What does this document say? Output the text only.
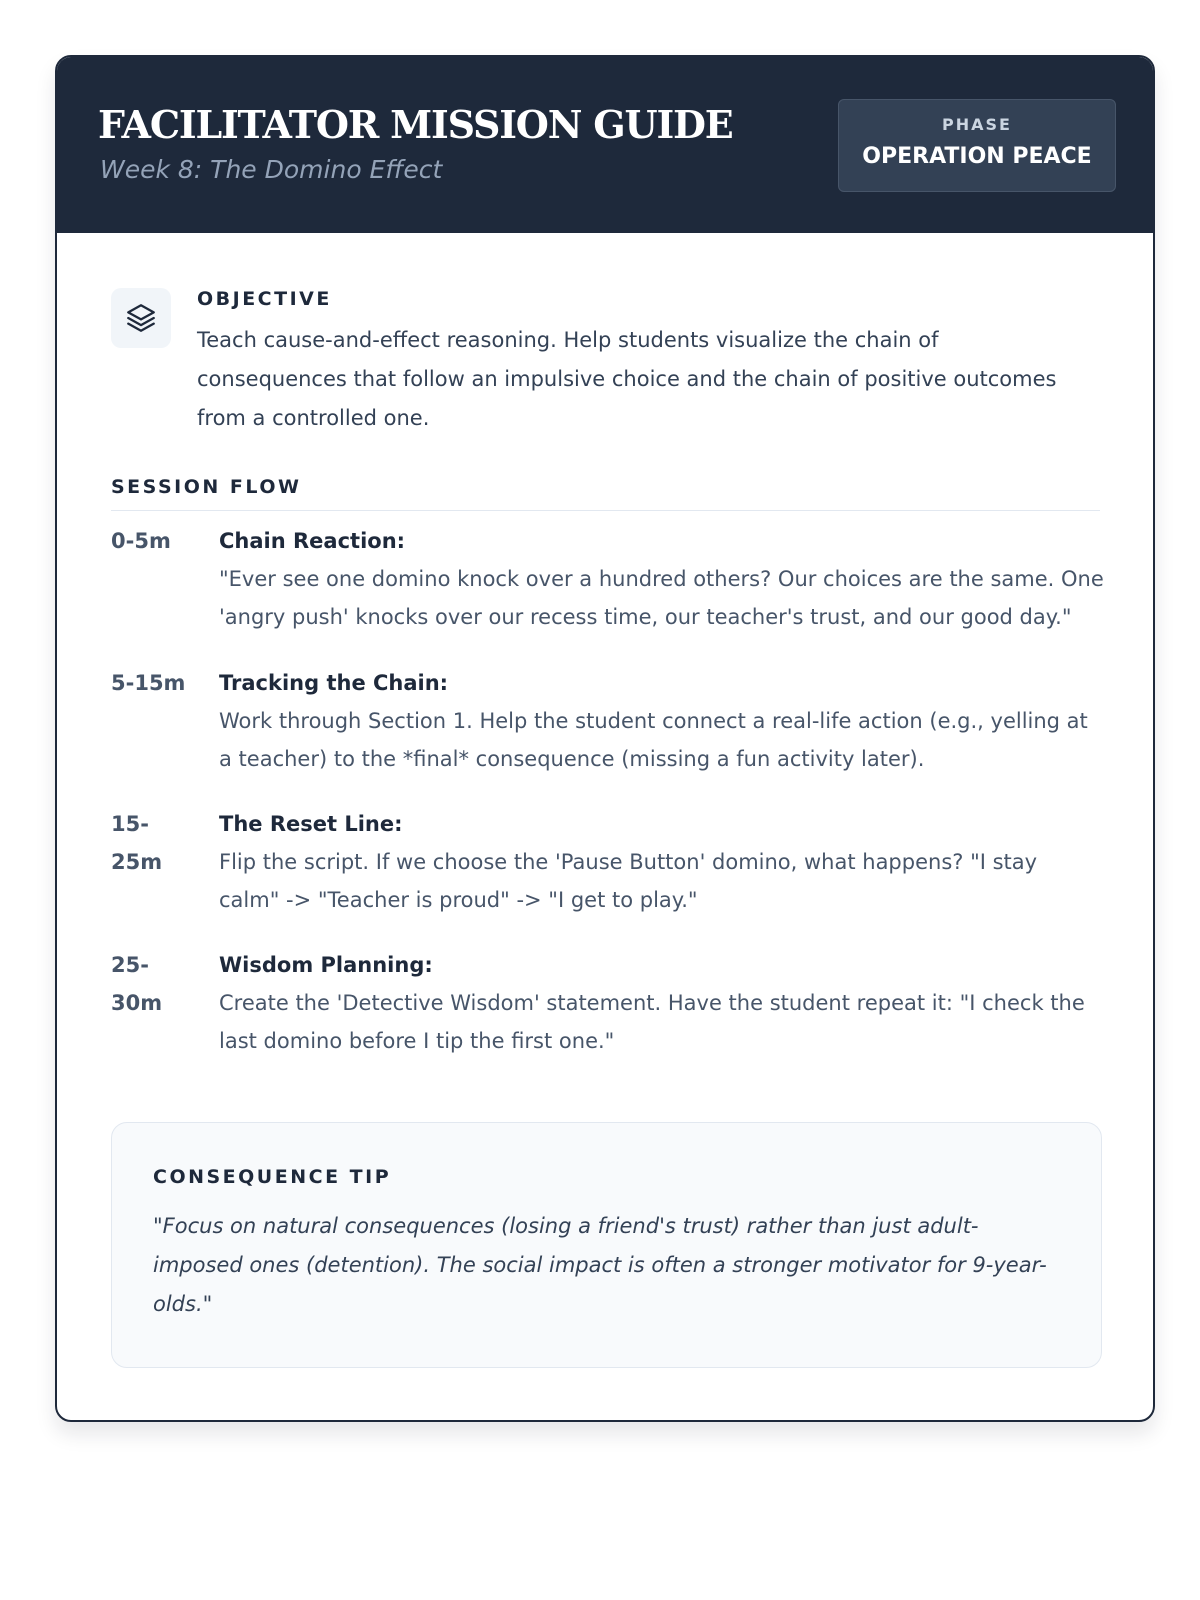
FACILITATOR MISSION GUIDE
Week 8: The Domino Effect
PHASE
OPERATION PEACE
OBJECTIVE
Teach cause-and-effect reasoning. Help students visualize the chain of consequences that follow an impulsive choice and the chain of positive outcomes from a controlled one.
SESSION FLOW
0-5m	Chain Reaction:
"Ever see one domino knock over a hundred others? Our choices are the same. One 'angry push' knocks over our recess time, our teacher's trust, and our good day."
5-15m	Tracking the Chain:
Work through Section 1. Help the student connect a real-life action (e.g., yelling at a teacher) to the *final* consequence (missing a fun activity later).
15-25m
The Reset Line:
Flip the script. If we choose the 'Pause Button' domino, what happens? "I stay calm" -> "Teacher is proud" -> "I get to play."
25-30m
Wisdom Planning:
Create the 'Detective Wisdom' statement. Have the student repeat it: "I check the last domino before I tip the first one."
CONSEQUENCE TIP
"Focus on natural consequences (losing a friend's trust) rather than just adult-imposed ones (detention). The social impact is often a stronger motivator for 9-year-olds."
